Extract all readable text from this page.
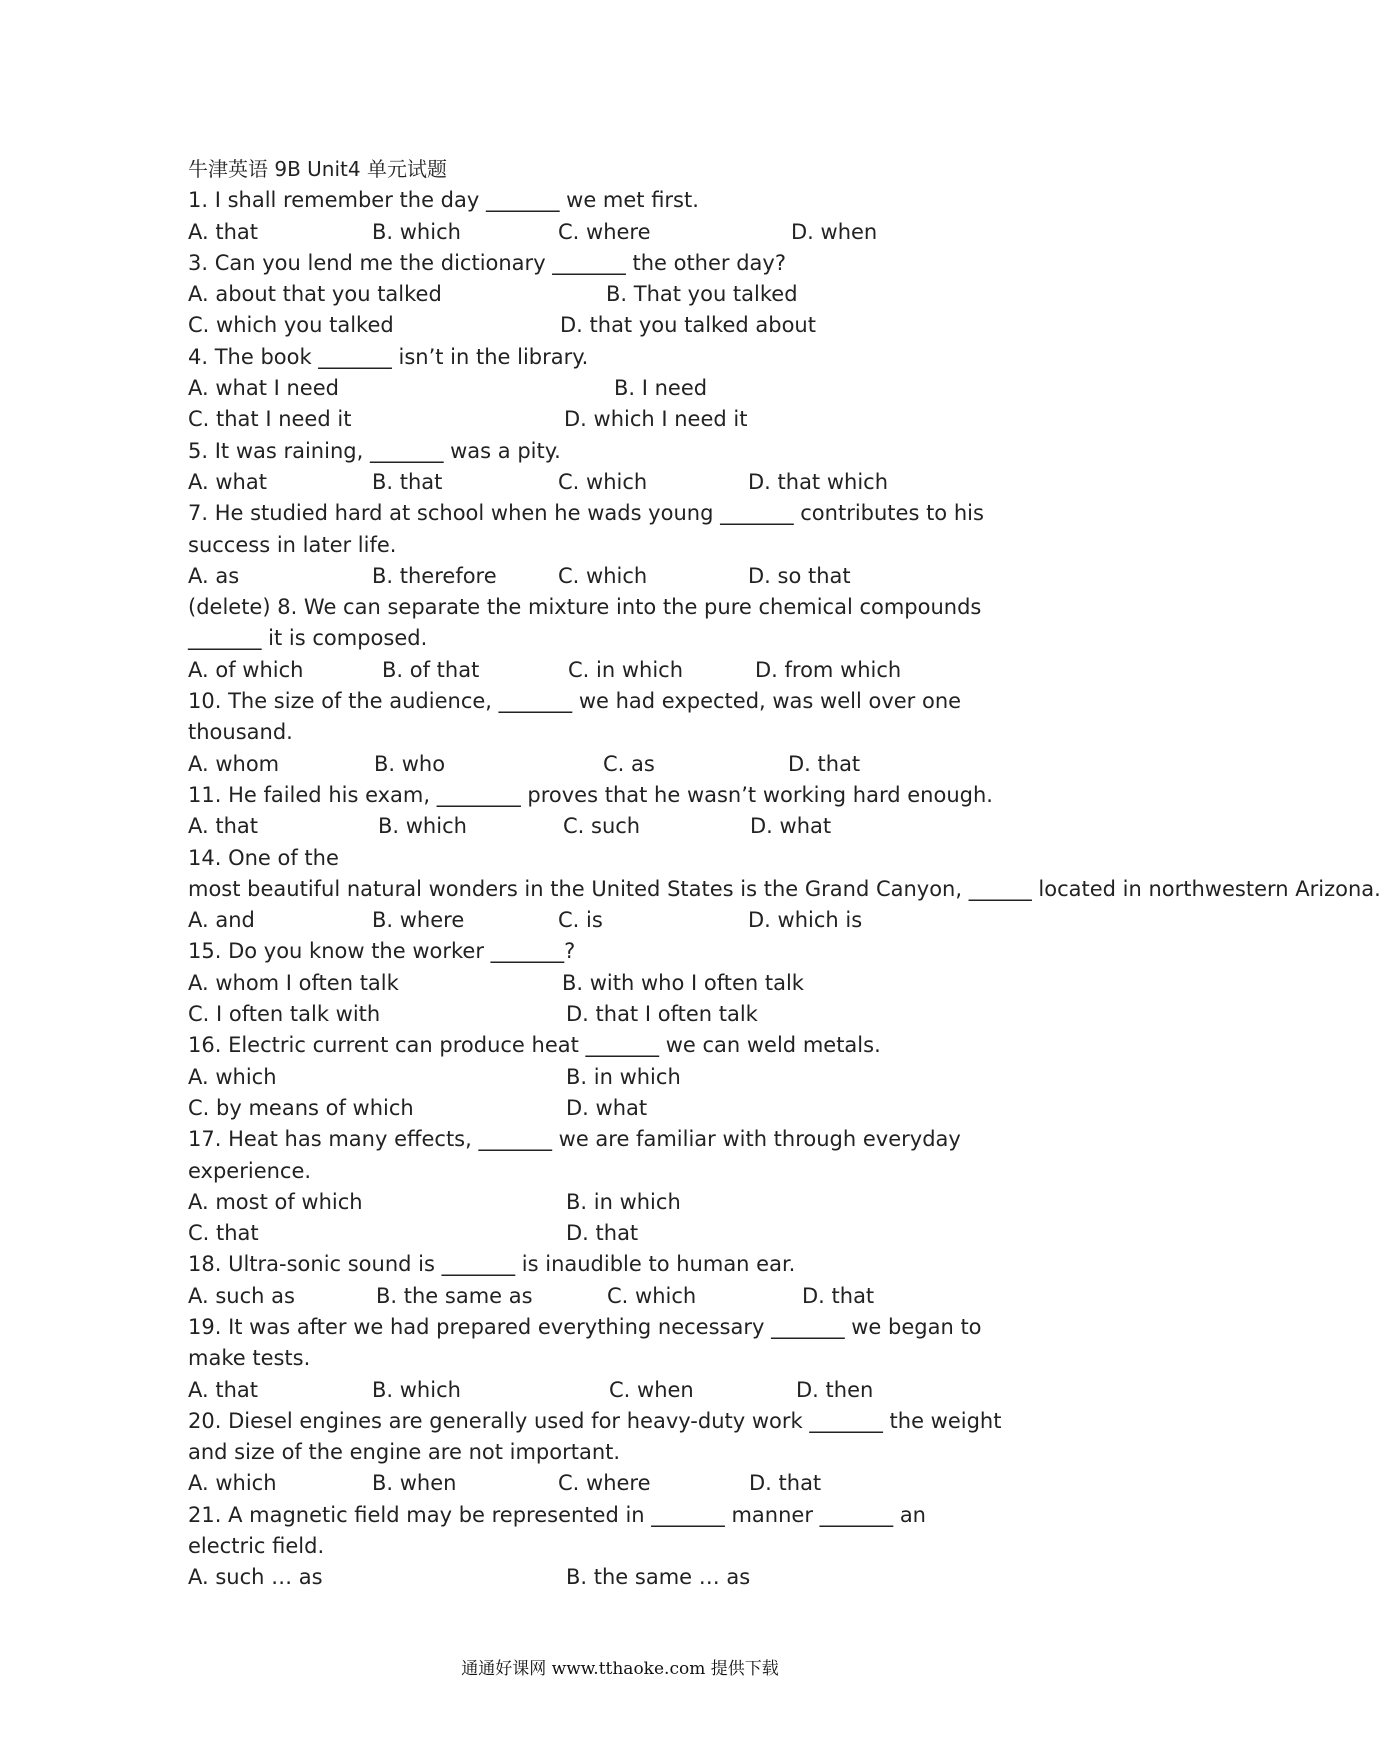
牛津英语 9B Unit4 单元试题
1. I shall remember the day _______ we met first.
A. that	B. which	C. where	D. when
3. Can you lend me the dictionary _______ the other day?
A. about that you talked	B. That you talked
C. which you talked	D. that you talked about
4. The book _______ isn’t in the library.
A. what I need	B. I need
C. that I need it	D. which I need it
5. It was raining, _______ was a pity.
A. what	B. that	C. which	D. that which
7. He studied hard at school when he wads young _______ contributes to his
success in later life.
A. as	B. therefore	C. which	D. so that
(delete) 8. We can separate the mixture into the pure chemical compounds
_______ it is composed.
A. of which	B. of that	C. in which	D. from which
10. The size of the audience, _______ we had expected, was well over one
thousand.
A. whom	B. who	C. as	D. that
11. He failed his exam, ________ proves that he wasn’t working hard enough.
A. that	B. which	C. such	D. what
14. One of the
most beautiful natural wonders in the United States is the Grand Canyon, ______ located in northwestern Arizona.
A. and	B. where	C. is	D. which is
15. Do you know the worker _______?
A. whom I often talk	B. with who I often talk
C. I often talk with	D. that I often talk
16. Electric current can produce heat _______ we can weld metals.
A. which	B. in which
C. by means of which	D. what
17. Heat has many effects, _______ we are familiar with through everyday
experience.
A. most of which	B. in which
C. that	D. that
18. Ultra-sonic sound is _______ is inaudible to human ear.
A. such as	B. the same as	C. which	D. that
19. It was after we had prepared everything necessary _______ we began to
make tests.
A. that	B. which	C. when	D. then
20. Diesel engines are generally used for heavy-duty work _______ the weight
and size of the engine are not important.
A. which	B. when	C. where	D. that
21. A magnetic field may be represented in _______ manner _______ an
electric field.
A. such … as	B. the same … as
通通好课网 www.tthaoke.com 提供下载
